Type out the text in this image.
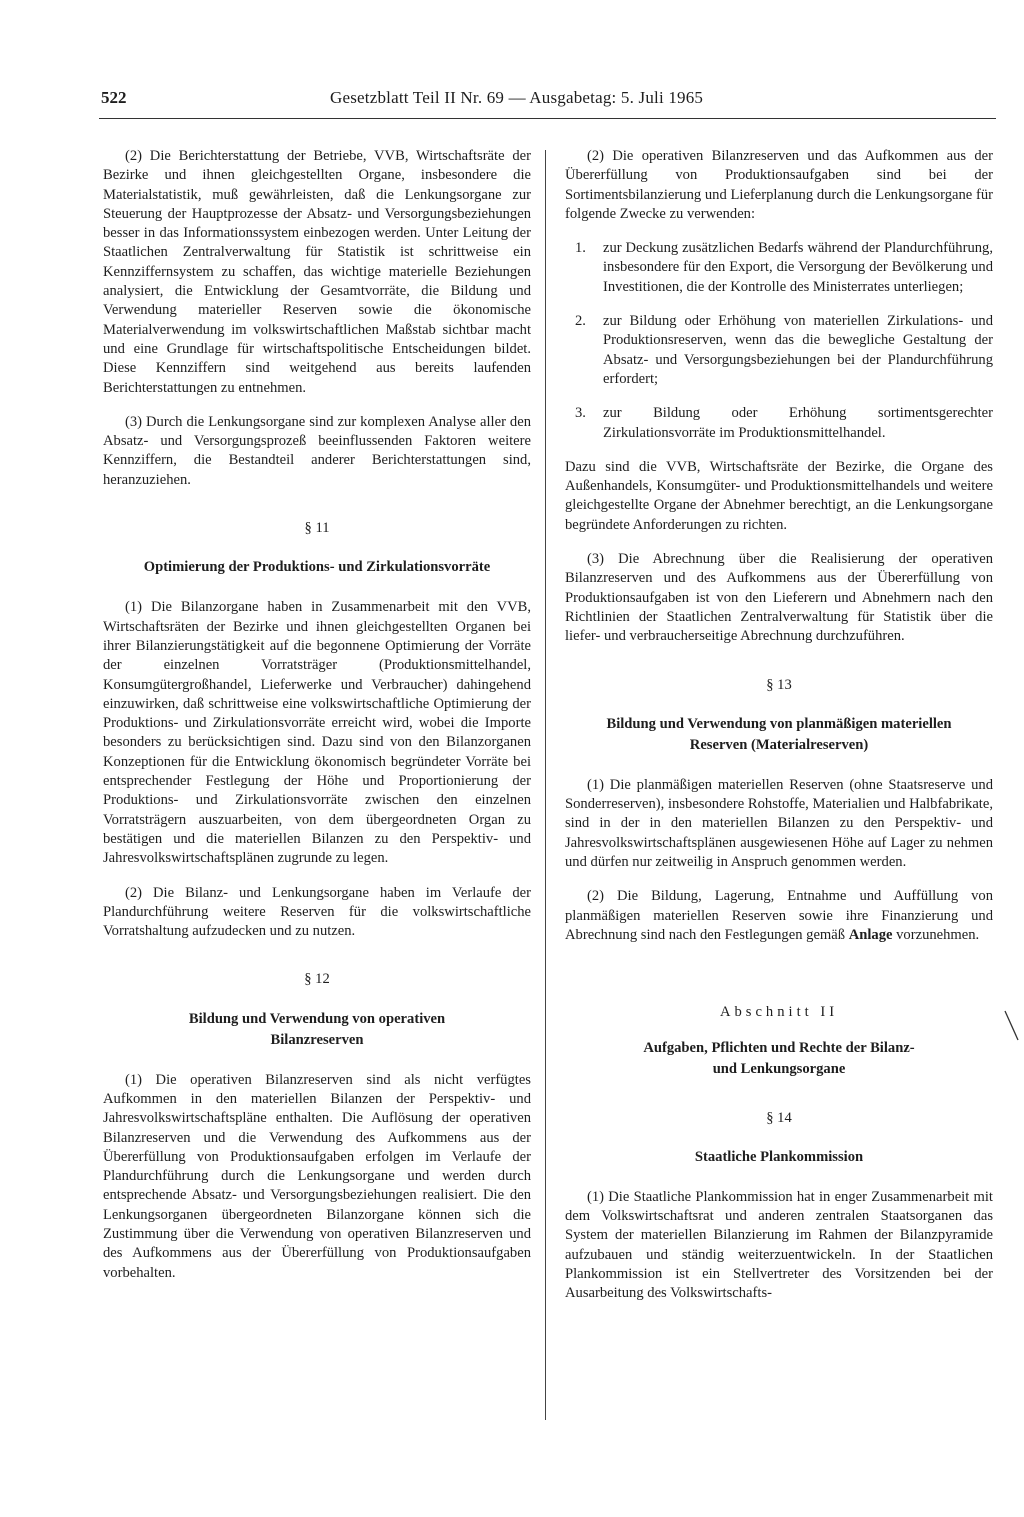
522	Gesetzblatt Teil II Nr. 69 — Ausgabetag: 5. Juli 1965

(2) Die Berichterstattung der Betriebe, VVB, Wirtschaftsräte der Bezirke und ihnen gleichgestellten Organe, insbesondere die Materialstatistik, muß gewährleisten, daß die Lenkungsorgane zur Steuerung der Hauptprozesse der Absatz- und Versorgungsbeziehungen besser in das Informationssystem einbezogen werden. Unter Leitung der Staatlichen Zentralverwaltung für Statistik ist schrittweise ein Kennziffernsystem zu schaffen, das wichtige materielle Beziehungen analysiert, die Entwicklung der Gesamtvorräte, die Bildung und Verwendung materieller Reserven sowie die ökonomische Materialverwendung im volkswirtschaftlichen Maßstab sichtbar macht und eine Grundlage für wirtschaftspolitische Entscheidungen bildet. Diese Kennziffern sind weitgehend aus bereits laufenden Berichterstattungen zu entnehmen.

(3) Durch die Lenkungsorgane sind zur komplexen Analyse aller den Absatz- und Versorgungsprozeß beeinflussenden Faktoren weitere Kennziffern, die Bestandteil anderer Berichterstattungen sind, heranzuziehen.

§ 11
Optimierung der Produktions- und Zirkulationsvorräte

(1) Die Bilanzorgane haben in Zusammenarbeit mit den VVB, Wirtschaftsräten der Bezirke und ihnen gleichgestellten Organen bei ihrer Bilanzierungstätigkeit auf die begonnene Optimierung der Vorräte der einzelnen Vorratsträger (Produktionsmittelhandel, Konsumgütergroßhandel, Lieferwerke und Verbraucher) dahingehend einzuwirken, daß schrittweise eine volkswirtschaftliche Optimierung der Produktions- und Zirkulationsvorräte erreicht wird, wobei die Importe besonders zu berücksichtigen sind. Dazu sind von den Bilanzorganen Konzeptionen für die Entwicklung ökonomisch begründeter Vorräte bei entsprechender Festlegung der Höhe und Proportionierung der Produktions- und Zirkulationsvorräte zwischen den einzelnen Vorratsträgern auszuarbeiten, von dem übergeordneten Organ zu bestätigen und die materiellen Bilanzen zu den Perspektiv- und Jahresvolkswirtschaftsplänen zugrunde zu legen.

(2) Die Bilanz- und Lenkungsorgane haben im Verlaufe der Plandurchführung weitere Reserven für die volkswirtschaftliche Vorratshaltung aufzudecken und zu nutzen.

§ 12
Bildung und Verwendung von operativen
Bilanzreserven

(1) Die operativen Bilanzreserven sind als nicht verfügtes Aufkommen in den materiellen Bilanzen der Perspektiv- und Jahresvolkswirtschaftspläne enthalten. Die Auflösung der operativen Bilanzreserven und die Verwendung des Aufkommens aus der Übererfüllung von Produktionsaufgaben erfolgen im Verlaufe der Plandurchführung durch die Lenkungsorgane und werden durch entsprechende Absatz- und Versorgungsbeziehungen realisiert. Die den Lenkungsorganen übergeordneten Bilanzorgane können sich die Zustimmung über die Verwendung von operativen Bilanzreserven und des Aufkommens aus der Übererfüllung von Produktionsaufgaben vorbehalten.

(2) Die operativen Bilanzreserven und das Aufkommen aus der Übererfüllung von Produktionsaufgaben sind bei der Sortimentsbilanzierung und Lieferplanung durch die Lenkungsorgane für folgende Zwecke zu verwenden:

1.	zur Deckung zusätzlichen Bedarfs während der Plandurchführung, insbesondere für den Export, die Versorgung der Bevölkerung und Investitionen, die der Kontrolle des Ministerrates unterliegen;
2.	zur Bildung oder Erhöhung von materiellen Zirkulations- und Produktionsreserven, wenn das die bewegliche Gestaltung der Absatz- und Versorgungsbeziehungen bei der Plandurchführung erfordert;
3.	zur Bildung oder Erhöhung sortimentsgerechter Zirkulationsvorräte im Produktionsmittelhandel.

Dazu sind die VVB, Wirtschaftsräte der Bezirke, die Organe des Außenhandels, Konsumgüter- und Produktionsmittelhandels und weitere gleichgestellte Organe der Abnehmer berechtigt, an die Lenkungsorgane begründete Anforderungen zu richten.

(3) Die Abrechnung über die Realisierung der operativen Bilanzreserven und des Aufkommens aus der Übererfüllung von Produktionsaufgaben ist von den Lieferern und Abnehmern nach den Richtlinien der Staatlichen Zentralverwaltung für Statistik über die liefer- und verbraucherseitige Abrechnung durchzuführen.

§ 13
Bildung und Verwendung von planmäßigen materiellen
Reserven (Materialreserven)

(1) Die planmäßigen materiellen Reserven (ohne Staatsreserve und Sonderreserven), insbesondere Rohstoffe, Materialien und Halbfabrikate, sind in der in den materiellen Bilanzen zu den Perspektiv- und Jahresvolkswirtschaftsplänen ausgewiesenen Höhe auf Lager zu nehmen und dürfen nur zeitweilig in Anspruch genommen werden.

(2) Die Bildung, Lagerung, Entnahme und Auffüllung von planmäßigen materiellen Reserven sowie ihre Finanzierung und Abrechnung sind nach den Festlegungen gemäß Anlage vorzunehmen.

Abschnitt II
Aufgaben, Pflichten und Rechte der Bilanz-
und Lenkungsorgane
§ 14
Staatliche Plankommission

(1) Die Staatliche Plankommission hat in enger Zusammenarbeit mit dem Volkswirtschaftsrat und anderen zentralen Staatsorganen das System der materiellen Bilanzierung im Rahmen der Bilanzpyramide aufzubauen und ständig weiterzuentwickeln. In der Staatlichen Plankommission ist ein Stellvertreter des Vorsitzenden bei der Ausarbeitung des Volkswirtschafts-
